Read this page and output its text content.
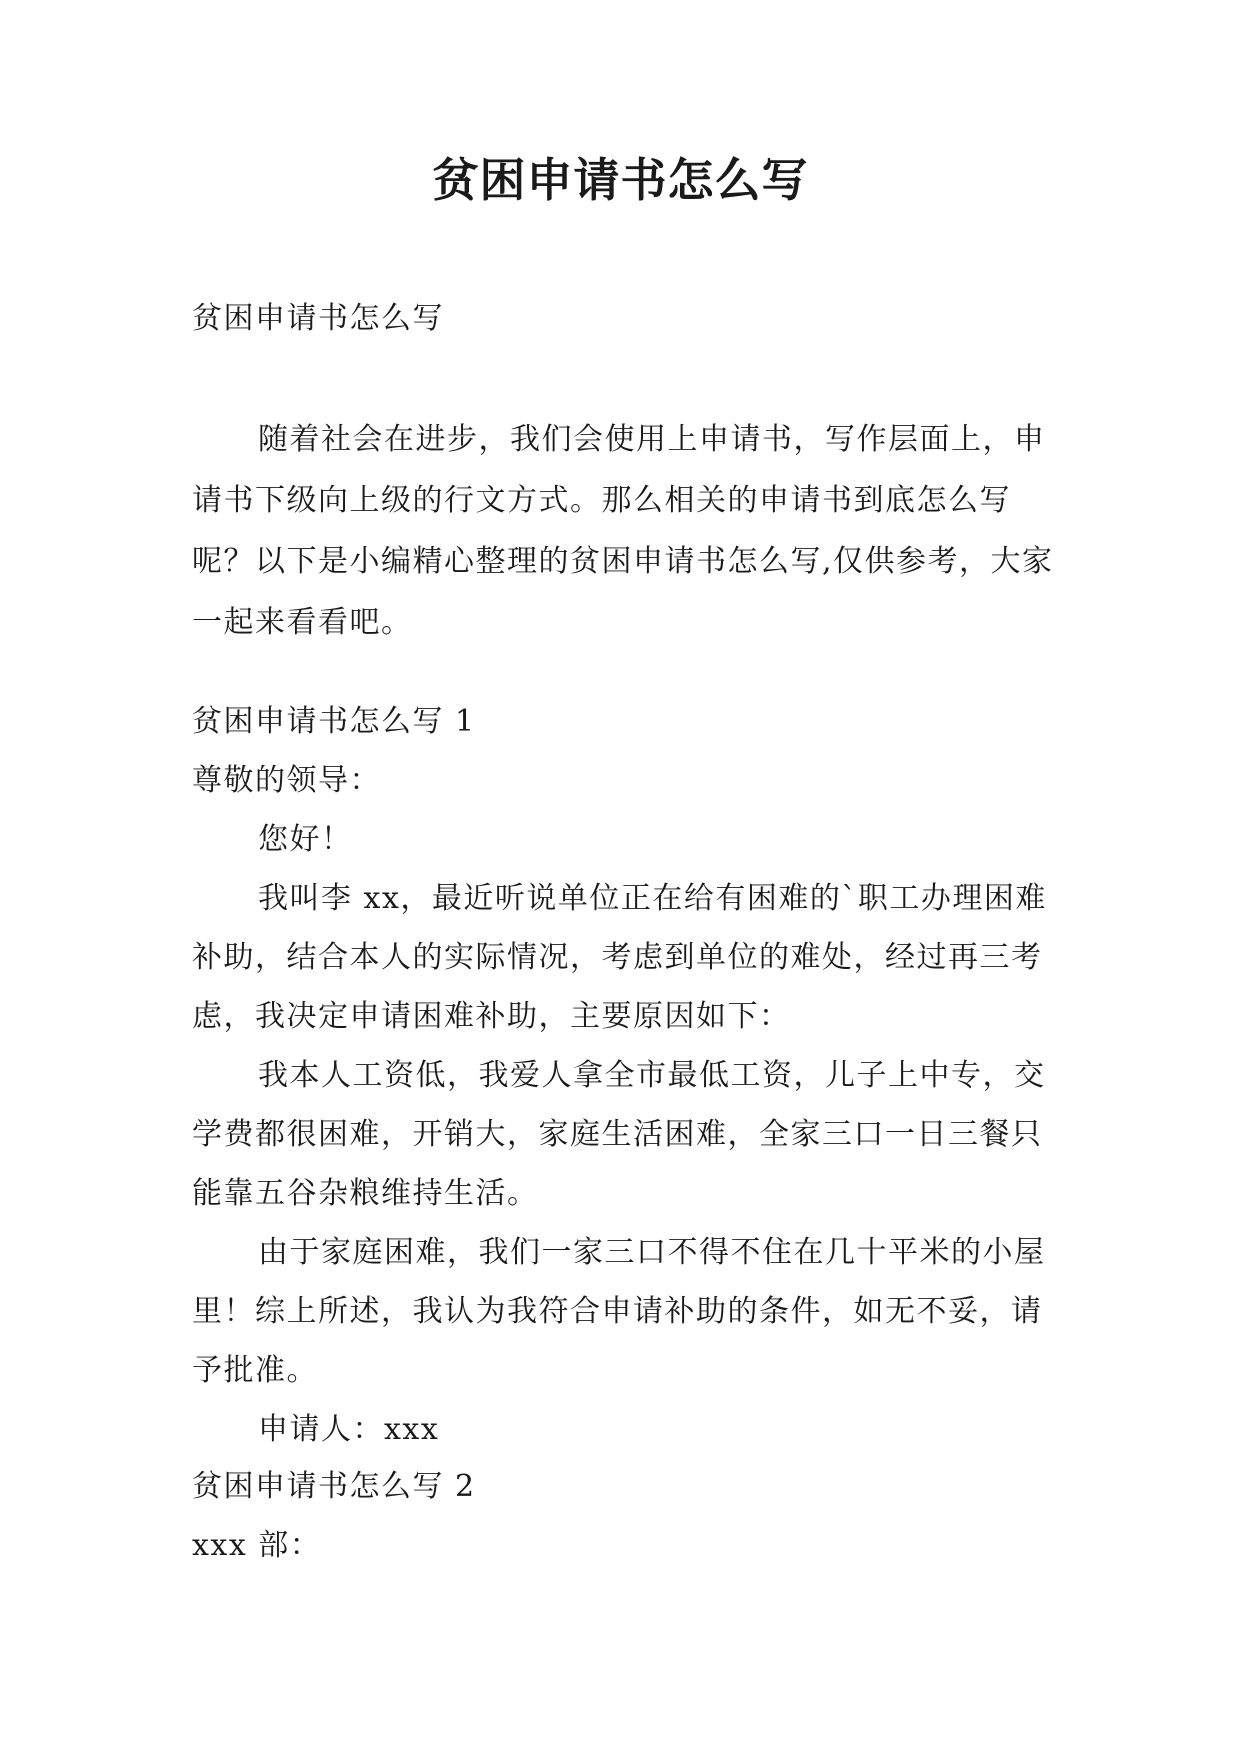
贫困申请书怎么写

贫困申请书怎么写

随着社会在进步，我们会使用上申请书，写作层面上，申请书下级向上级的行文方式。那么相关的申请书到底怎么写呢？以下是小编精心整理的贫困申请书怎么写,仅供参考，大家一起来看看吧。

贫困申请书怎么写 1

尊敬的领导：

您好！

我叫李 xx，最近听说单位正在给有困难的`职工办理困难补助，结合本人的实际情况，考虑到单位的难处，经过再三考虑，我决定申请困难补助，主要原因如下：

我本人工资低，我爱人拿全市最低工资，儿子上中专，交学费都很困难，开销大，家庭生活困难，全家三口一日三餐只能靠五谷杂粮维持生活。

由于家庭困难，我们一家三口不得不住在几十平米的小屋里！综上所述，我认为我符合申请补助的条件，如无不妥，请予批准。

申请人：xxx

贫困申请书怎么写 2

xxx 部：
